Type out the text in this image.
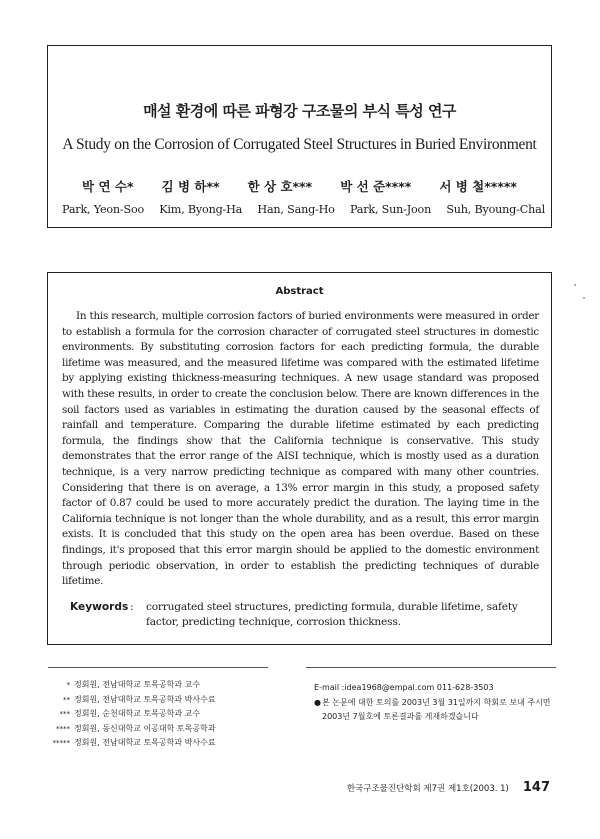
매설 환경에 따른 파형강 구조물의 부식 특성 연구
A Study on the Corrosion of Corrugated Steel Structures in Buried Environment
박 연 수* 김 병 하** 한 상 호*** 박 선 준**** 서 병 철*****
Park, Yeon-Soo Kim, Byong-Ha Han, Sang-Ho Park, Sun-Joon Suh, Byoung-Chal
Abstract

In this research, multiple corrosion factors of buried environments were measured in order to establish a formula for the corrosion character of corrugated steel structures in domestic environments. By substituting corrosion factors for each predicting formula, the durable lifetime was measured, and the measured lifetime was compared with the estimated lifetime by applying existing thickness-measuring techniques. A new usage standard was proposed with these results, in order to create the conclusion below. There are known differences in the soil factors used as variables in estimating the duration caused by the seasonal effects of rainfall and temperature. Comparing the durable lifetime estimated by each predicting formula, the findings show that the California technique is conservative. This study demonstrates that the error range of the AISI technique, which is mostly used as a duration technique, is a very narrow predicting technique as compared with many other countries. Considering that there is on average, a 13% error margin in this study, a proposed safety factor of 0.87 could be used to more accurately predict the duration. The laying time in the California technique is not longer than the whole durability, and as a result, this error margin exists. It is concluded that this study on the open area has been overdue. Based on these findings, it's proposed that this error margin should be applied to the domestic environment through periodic observation, in order to establish the predicting techniques of durable lifetime.

Keywords :	corrugated steel structures, predicting formula, durable lifetime, safety factor, predicting technique, corrosion thickness.
* 정회원, 전남대학교 토목공학과 교수
** 정회원, 전남대학교 토목공학과 박사수료
*** 정회원, 순천대학교 토목공학과 교수
**** 정회원, 동신대학교 이공대학 토목공학과
***** 정회원, 전남대학교 토목공학과 박사수료
E-mail :idea1968@empal.com 011-628-3503
● 본 논문에 대한 토의를 2003년 3월 31일까지 학회로 보내 주시면 2003년 7월호에 토론결과를 게재하겠습니다
한국구조물진단학회 제7권 제1호(2003. 1) 147
